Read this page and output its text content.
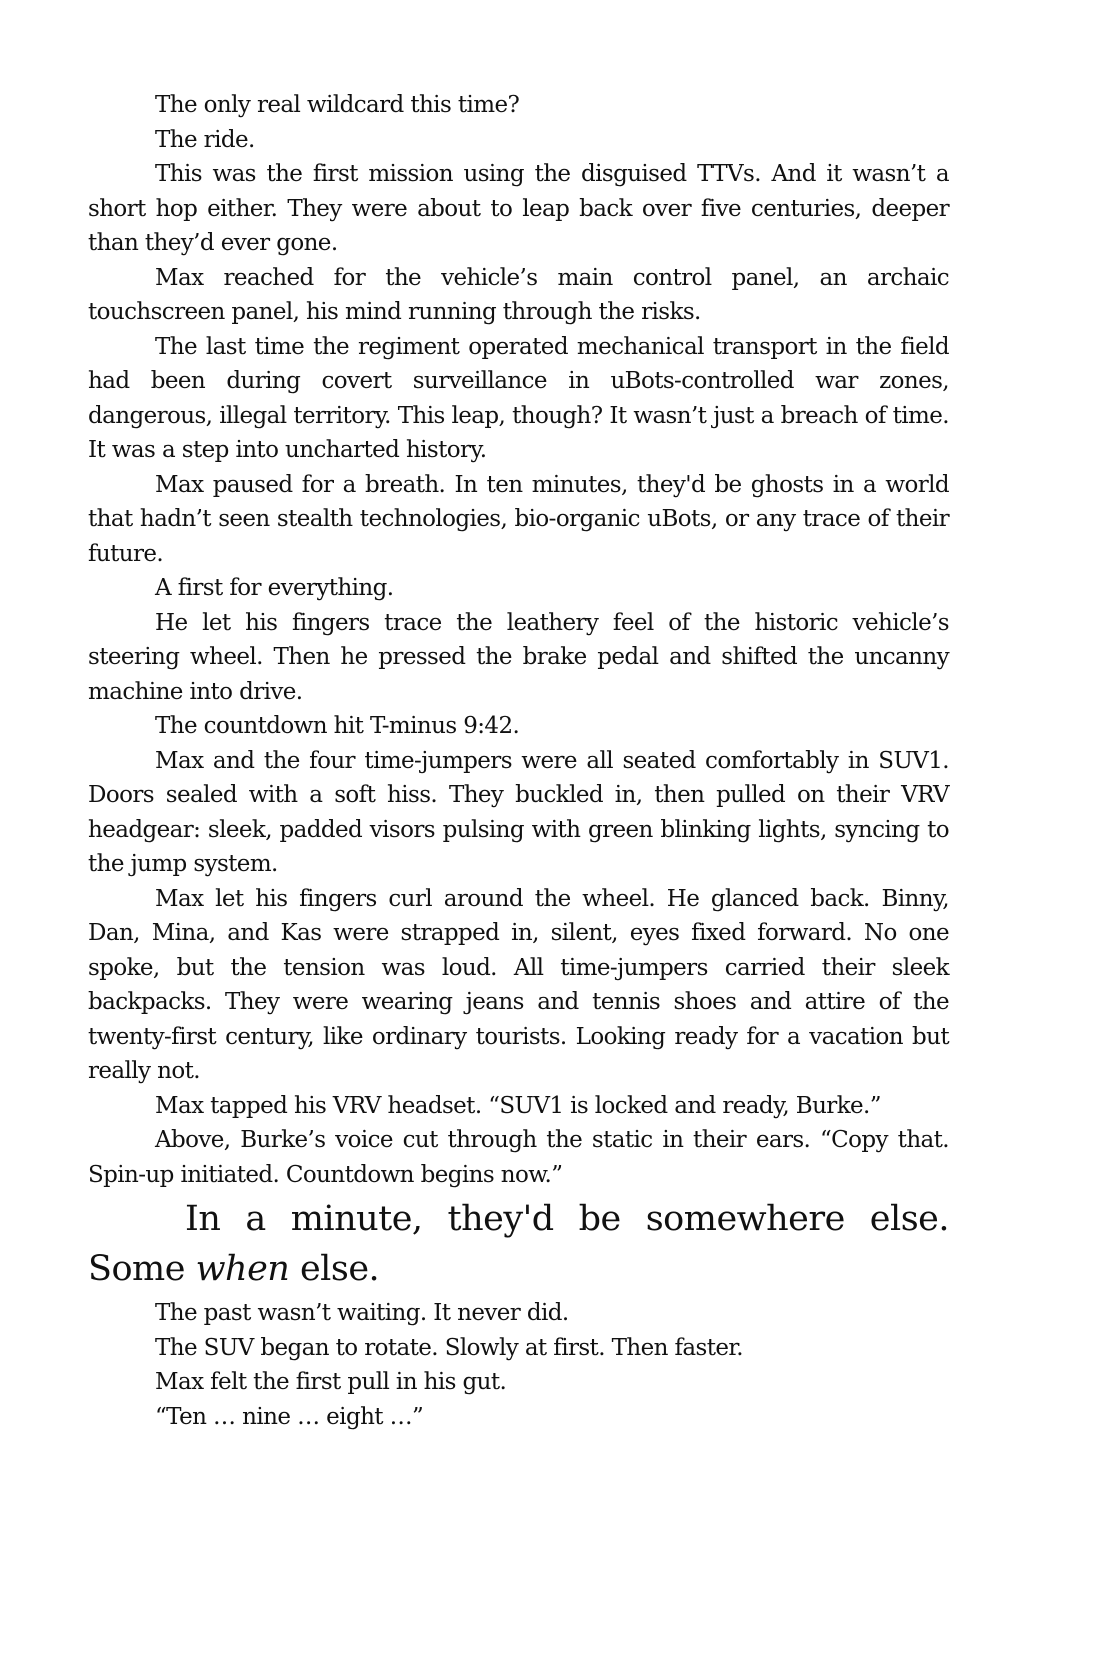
The only real wildcard this time?

The ride.

This was the first mission using the disguised TTVs. And it wasn’t a short hop either. They were about to leap back over five centuries, deeper than they’d ever gone.

Max reached for the vehicle’s main control panel, an archaic touchscreen panel, his mind running through the risks.

The last time the regiment operated mechanical transport in the field had been during covert surveillance in uBots-controlled war zones, dangerous, illegal territory. This leap, though? It wasn’t just a breach of time. It was a step into uncharted history.

Max paused for a breath. In ten minutes, they'd be ghosts in a world that hadn’t seen stealth technologies, bio-organic uBots, or any trace of their future.

A first for everything.

He let his fingers trace the leathery feel of the historic vehicle’s steering wheel. Then he pressed the brake pedal and shifted the uncanny machine into drive.

The countdown hit T-minus 9:42.

Max and the four time-jumpers were all seated comfortably in SUV1. Doors sealed with a soft hiss. They buckled in, then pulled on their VRV headgear: sleek, padded visors pulsing with green blinking lights, syncing to the jump system.

Max let his fingers curl around the wheel. He glanced back. Binny, Dan, Mina, and Kas were strapped in, silent, eyes fixed forward. No one spoke, but the tension was loud. All time-jumpers carried their sleek backpacks. They were wearing jeans and tennis shoes and attire of the twenty-first century, like ordinary tourists. Looking ready for a vacation but really not.

Max tapped his VRV headset. “SUV1 is locked and ready, Burke.”

Above, Burke’s voice cut through the static in their ears. “Copy that. Spin-up initiated. Countdown begins now.”

In a minute, they'd be somewhere else. Some when else.

The past wasn’t waiting. It never did.

The SUV began to rotate. Slowly at first. Then faster.

Max felt the first pull in his gut.

“Ten … nine … eight …”
